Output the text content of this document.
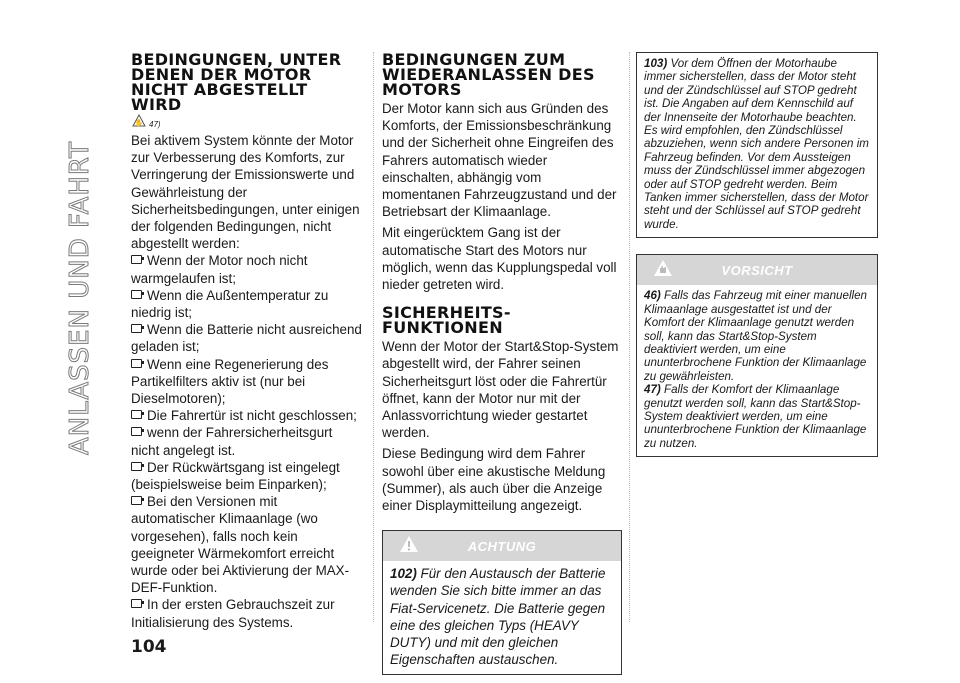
ANLASSEN UND FAHRT
BEDINGUNGEN, UNTER DENEN DER MOTOR NICHT ABGESTELLT WIRD
✋ 47)

Bei aktivem System könnte der Motor zur Verbesserung des Komforts, zur Verringerung der Emissionswerte und Gewährleistung der Sicherheitsbedingungen, unter einigen der folgenden Bedingungen, nicht abgestellt werden:

Wenn der Motor noch nicht warmgelaufen ist;
Wenn die Außentemperatur zu niedrig ist;
Wenn die Batterie nicht ausreichend geladen ist;
Wenn eine Regenerierung des Partikelfilters aktiv ist (nur bei Dieselmotoren);
Die Fahrertür ist nicht geschlossen;
wenn der Fahrersicherheitsgurt nicht angelegt ist.
Der Rückwärtsgang ist eingelegt (beispielsweise beim Einparken);
Bei den Versionen mit automatischer Klimaanlage (wo vorgesehen), falls noch kein geeigneter Wärmekomfort erreicht wurde oder bei Aktivierung der MAX-DEF-Funktion.
In der ersten Gebrauchszeit zur Initialisierung des Systems.
BEDINGUNGEN ZUM WIEDERANLASSEN DES MOTORS

Der Motor kann sich aus Gründen des Komforts, der Emissionsbeschränkung und der Sicherheit ohne Eingreifen des Fahrers automatisch wieder einschalten, abhängig vom momentanen Fahrzeugzustand und der Betriebsart der Klimaanlage.

Mit eingerücktem Gang ist der automatische Start des Motors nur möglich, wenn das Kupplungspedal voll nieder getreten wird.

SICHERHEITS-FUNKTIONEN

Wenn der Motor der Start&Stop-System abgestellt wird, der Fahrer seinen Sicherheitsgurt löst oder die Fahrertür öffnet, kann der Motor nur mit der Anlassvorrichtung wieder gestartet werden.

Diese Bedingung wird dem Fahrer sowohl über eine akustische Meldung (Summer), als auch über die Anzeige einer Displaymitteilung angezeigt.

ACHTUNG

102) Für den Austausch der Batterie wenden Sie sich bitte immer an das Fiat-Servicenetz. Die Batterie gegen eine des gleichen Typs (HEAVY DUTY) und mit den gleichen Eigenschaften austauschen.

103) Vor dem Öffnen der Motorhaube immer sicherstellen, dass der Motor steht und der Zündschlüssel auf STOP gedreht ist. Die Angaben auf dem Kennschild auf der Innenseite der Motorhaube beachten. Es wird empfohlen, den Zündschlüssel abzuziehen, wenn sich andere Personen im Fahrzeug befinden. Vor dem Aussteigen muss der Zündschlüssel immer abgezogen oder auf STOP gedreht werden. Beim Tanken immer sicherstellen, dass der Motor steht und der Schlüssel auf STOP gedreht wurde.

VORSICHT

46) Falls das Fahrzeug mit einer manuellen Klimaanlage ausgestattet ist und der Komfort der Klimaanlage genutzt werden soll, kann das Start&Stop-System deaktiviert werden, um eine ununterbrochene Funktion der Klimaanlage zu gewährleisten.

47) Falls der Komfort der Klimaanlage genutzt werden soll, kann das Start&Stop-System deaktiviert werden, um eine ununterbrochene Funktion der Klimaanlage zu nutzen.

104
